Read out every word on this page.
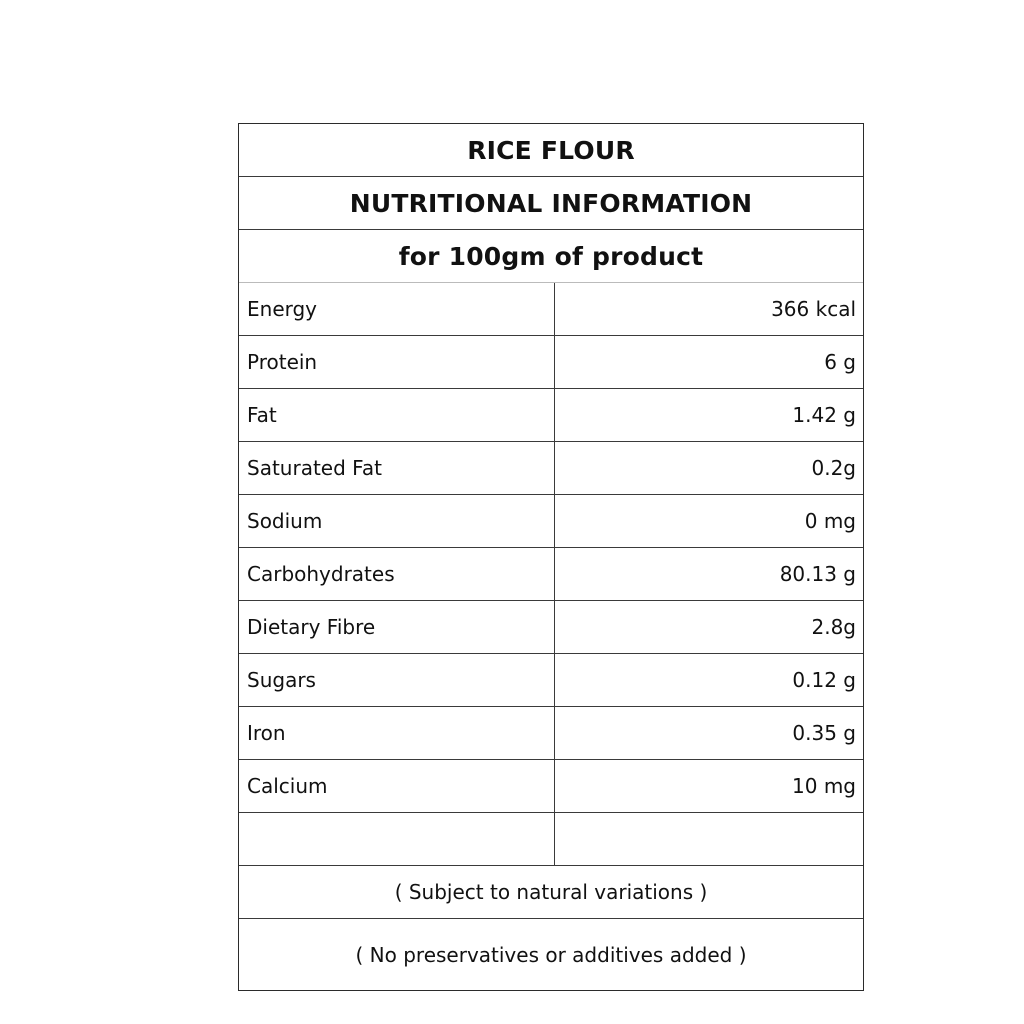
RICE FLOUR
NUTRITIONAL INFORMATION
for 100gm of product
Energy	366 kcal
Protein	6 g
Fat	1.42 g
Saturated Fat	0.2g
Sodium	0 mg
Carbohydrates	80.13 g
Dietary Fibre	2.8g
Sugars	0.12 g
Iron	0.35 g
Calcium	10 mg
( Subject to natural variations )
( No preservatives or additives added )
